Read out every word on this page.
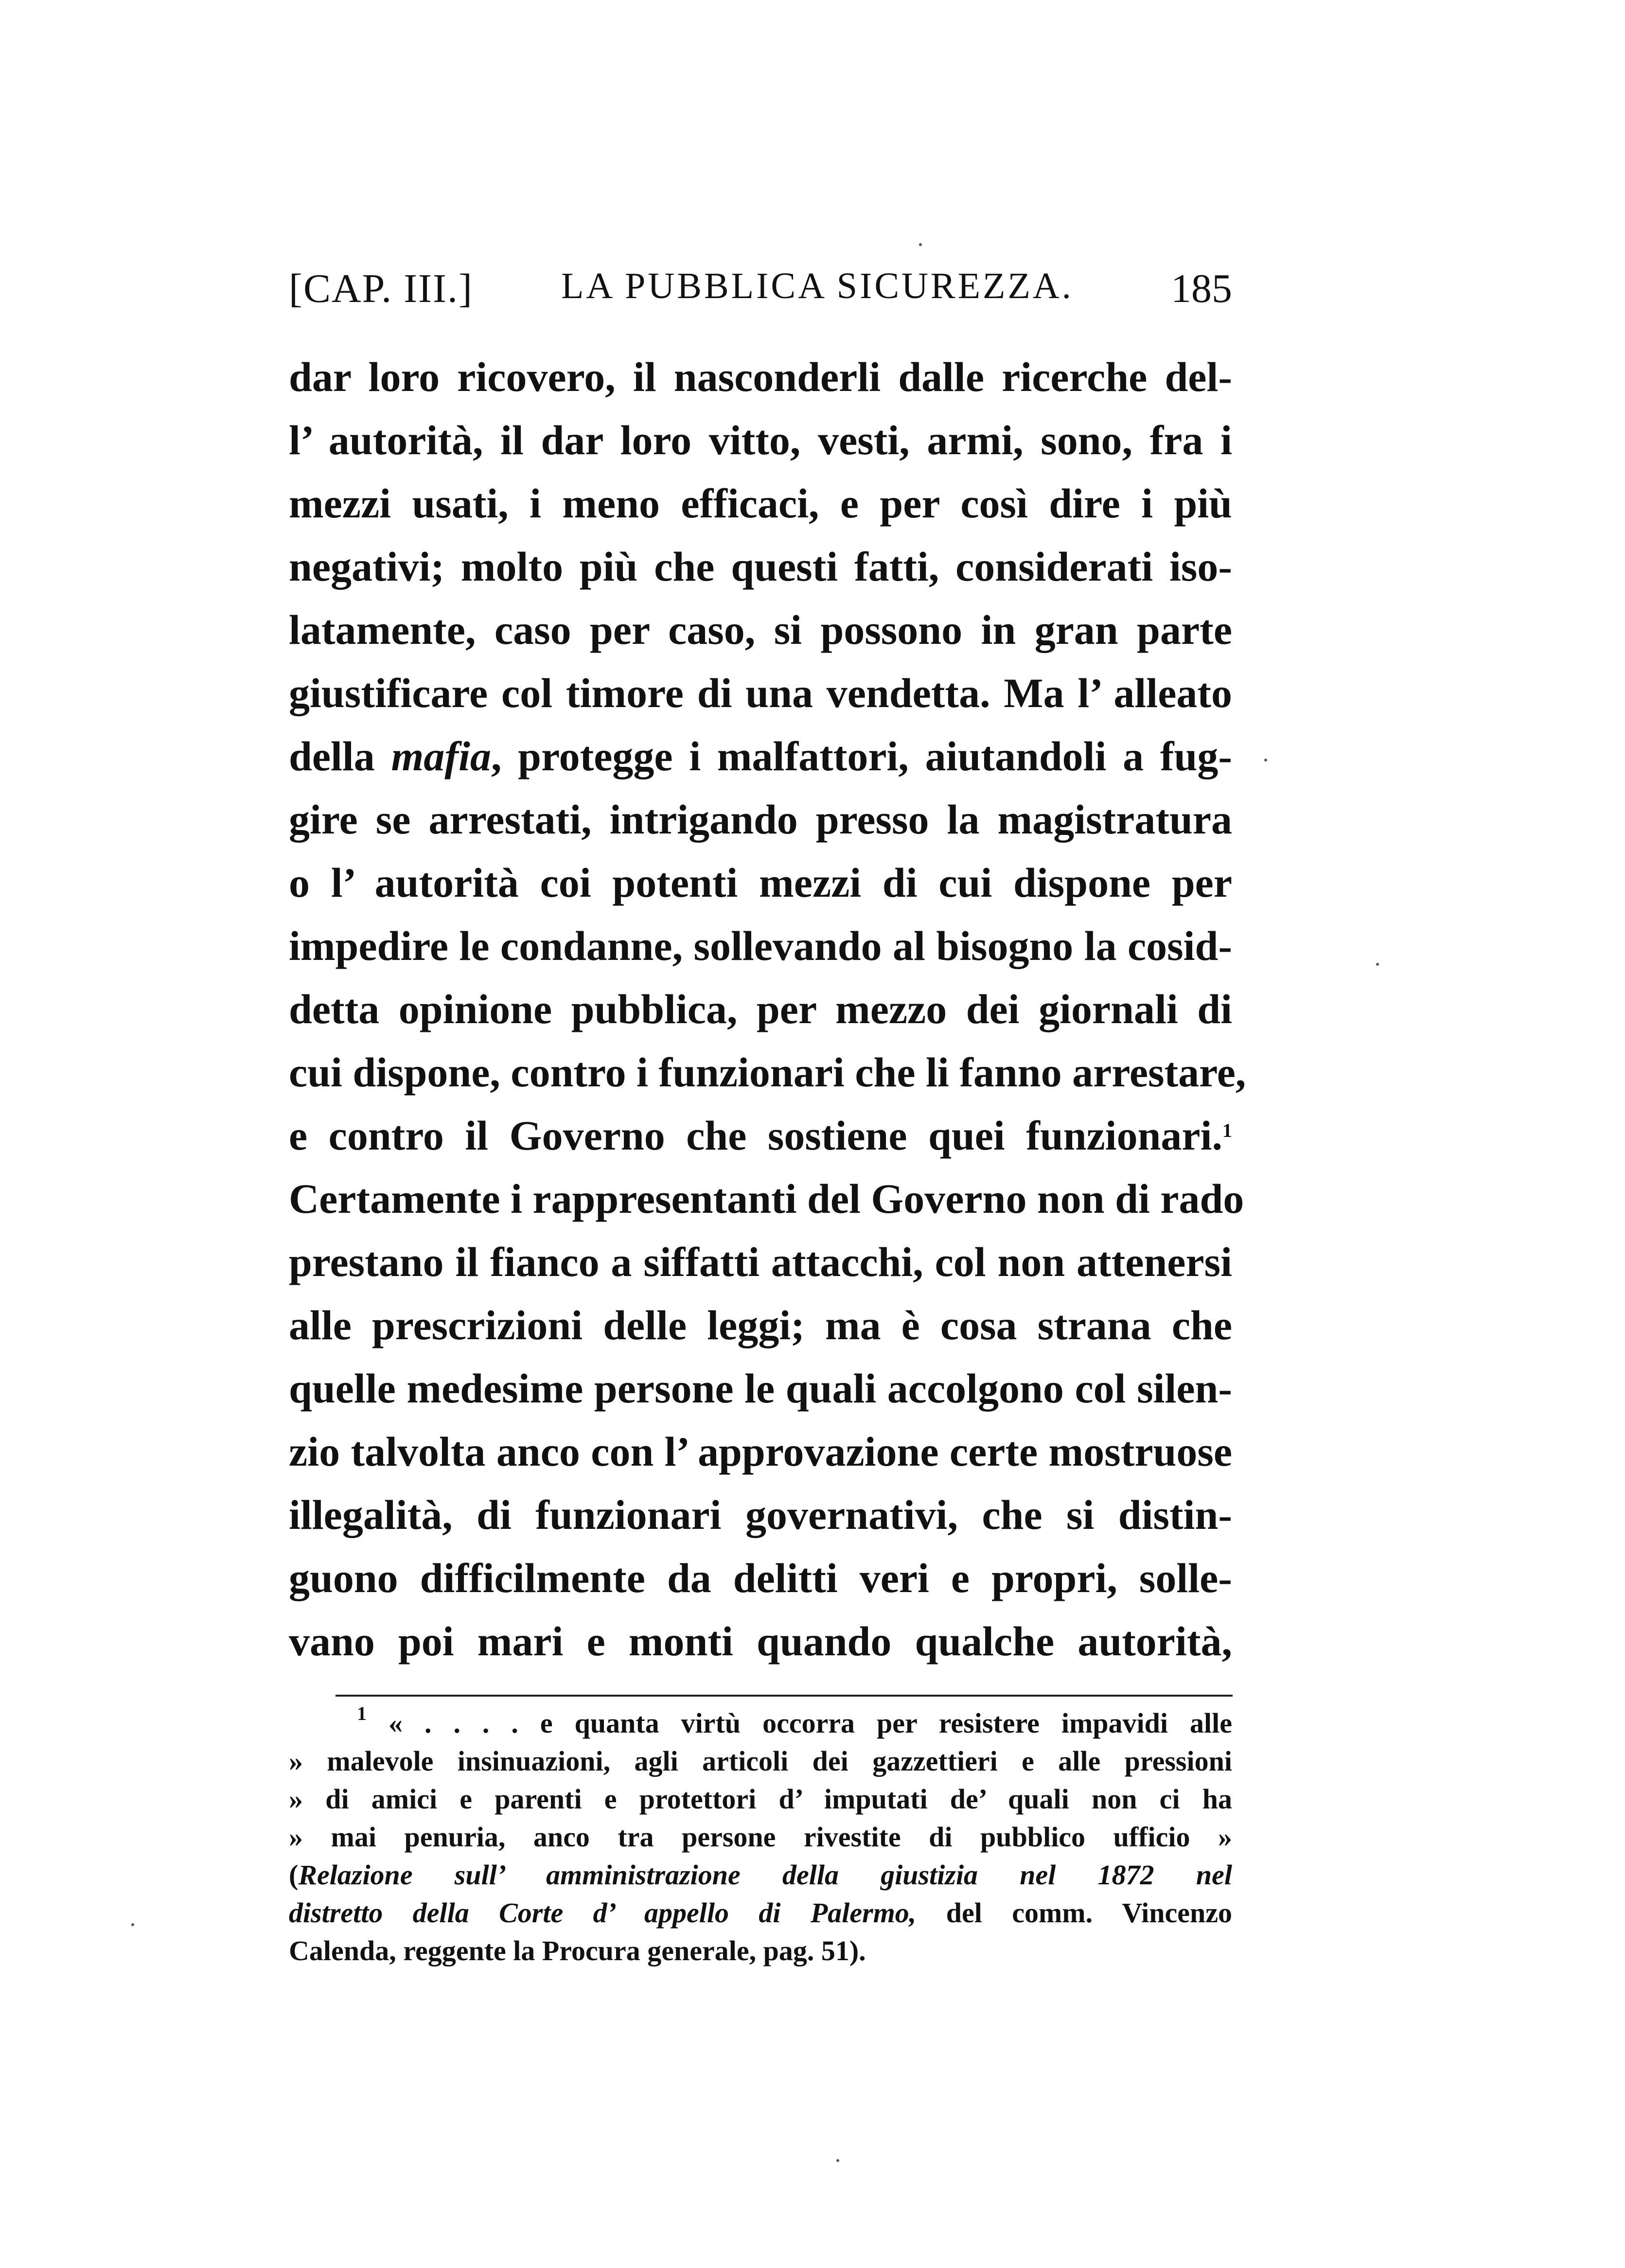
[CAP. III.] LA PUBBLICA SICUREZZA. 185
dar loro ricovero, il nasconderli dalle ricerche del-
l’ autorità, il dar loro vitto, vesti, armi, sono, fra i
mezzi usati, i meno efficaci, e per così dire i più
negativi; molto più che questi fatti, considerati iso-
latamente, caso per caso, si possono in gran parte
giustificare col timore di una vendetta. Ma l’ alleato
della mafia, protegge i malfattori, aiutandoli a fug-
gire se arrestati, intrigando presso la magistratura
o l’ autorità coi potenti mezzi di cui dispone per
impedire le condanne, sollevando al bisogno la cosid-
detta opinione pubblica, per mezzo dei giornali di
cui dispone, contro i funzionari che li fanno arrestare,
e contro il Governo che sostiene quei funzionari.$^1$
Certamente i rappresentanti del Governo non di rado
prestano il fianco a siffatti attacchi, col non attenersi
alle prescrizioni delle leggi; ma è cosa strana che
quelle medesime persone le quali accolgono col silen-
zio talvolta anco con l’ approvazione certe mostruose
illegalità, di funzionari governativi, che si distin-
guono difficilmente da delitti veri e propri, solle-
vano poi mari e monti quando qualche autorità,
$^1$ « . . . . e quanta virtù occorra per resistere impavidi alle
» malevole insinuazioni, agli articoli dei gazzettieri e alle pressioni
» di amici e parenti e protettori d’ imputati de’ quali non ci ha
» mai penuria, anco tra persone rivestite di pubblico ufficio »
(Relazione sull’ amministrazione della giustizia nel 1872 nel
distretto della Corte d’ appello di Palermo, del comm. Vincenzo
Calenda, reggente la Procura generale, pag. 51).
